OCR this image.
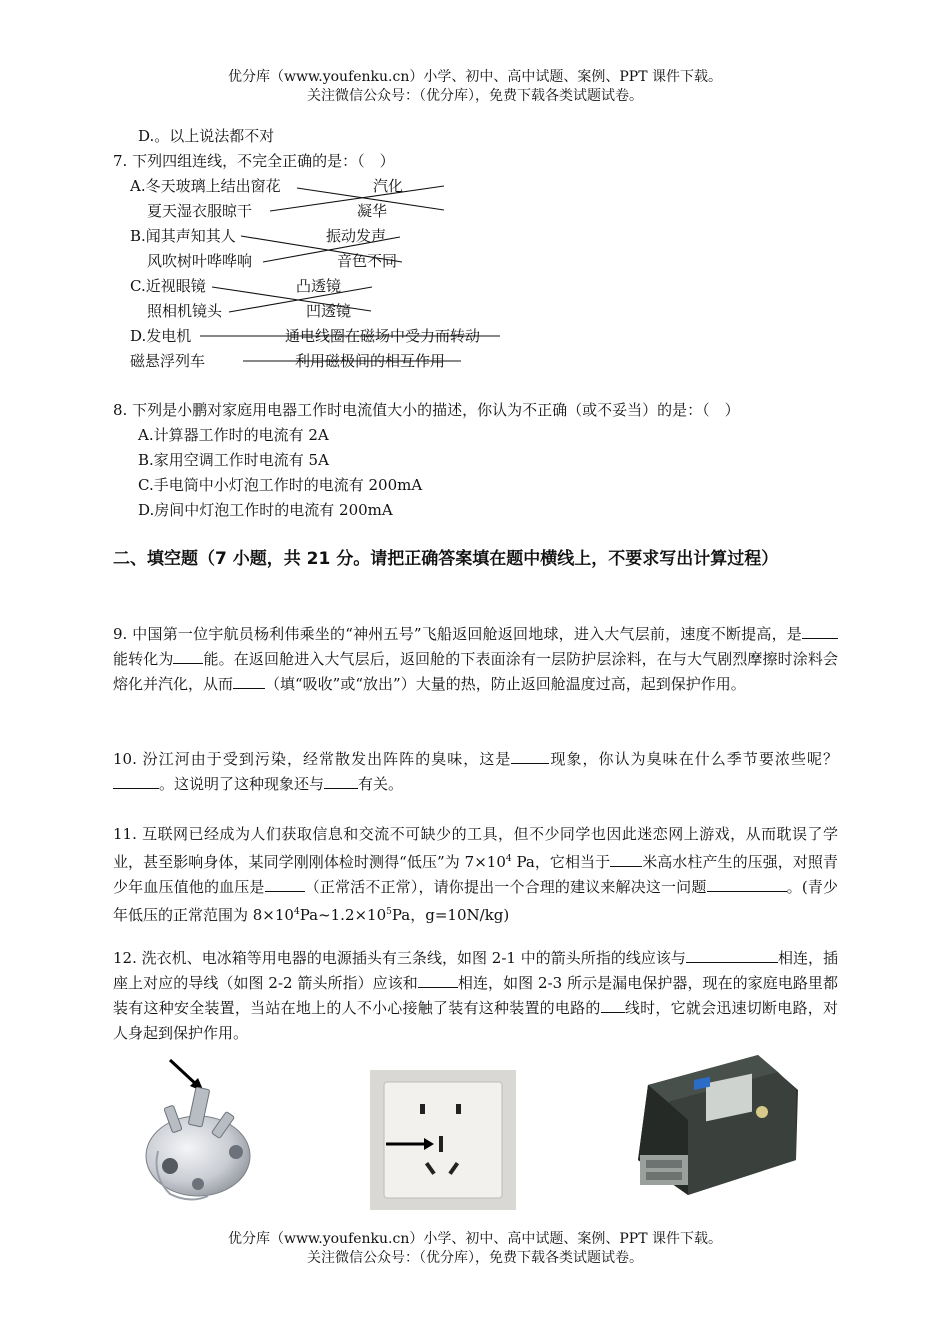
优分库（www.youfenku.cn）小学、初中、高中试题、案例、PPT 课件下载。
关注微信公众号：（优分库），免费下载各类试题试卷。
D.。以上说法都不对
7. 下列四组连线，不完全正确的是：（　）
A.冬天玻璃上结出窗花	汽化
夏天湿衣服晾干	凝华
B.闻其声知其人	振动发声
风吹树叶哗哗响	音色不同
C.近视眼镜	凸透镜
照相机镜头	凹透镜
D.发电机	通电线圈在磁场中受力而转动
磁悬浮列车	利用磁极间的相互作用
8. 下列是小鹏对家庭用电器工作时电流值大小的描述，你认为不正确（或不妥当）的是：（　）
A.计算器工作时的电流有 2A
B.家用空调工作时电流有 5A
C.手电筒中小灯泡工作时的电流有 200mA
D.房间中灯泡工作时的电流有 200mA
二、填空题（7 小题，共 21 分。请把正确答案填在题中横线上，不要求写出计算过程）
9. 中国第一位宇航员杨利伟乘坐的“神州五号”飞船返回舱返回地球，进入大气层前，速度不断提高，是能转化为 能。在返回舱进入大气层后，返回舱的下表面涂有一层防护层涂料，在与大气剧烈摩擦时涂料会熔化并汽化，从而 （填“吸收”或“放出”）大量的热，防止返回舱温度过高，起到保护作用。
10. 汾江河由于受到污染，经常散发出阵阵的臭味，这是	现象，你认为臭味在什么季节要浓些呢？。这说明了这种现象还与 有关。
11. 互联网已经成为人们获取信息和交流不可缺少的工具，但不少同学也因此迷恋网上游戏，从而耽误了学业，甚至影响身体，某同学刚刚体检时测得“低压”为 $7\times 10^4$ Pa，它相当于 米高水柱产生的压强，对照青少年血压值他的血压是	（正常活不正常），请你提出一个合理的建议来解决这一问题	。(青少年低压的正常范围为 $8\times 10^4Pa\sim 1.2\times 10^5Pa$，g=10N/kg)
12. 洗衣机、电冰箱等用电器的电源插头有三条线，如图 2-1 中的箭头所指的线应该与	相连，插座上对应的导线（如图 2-2 箭头所指）应该和	相连，如图 2-3 所示是漏电保护器，现在的家庭电路里都装有这种安全装置，当站在地上的人不小心接触了装有这种装置的电路的 线时，它就会迅速切断电路，对人身起到保护作用。
优分库（www.youfenku.cn）小学、初中、高中试题、案例、PPT 课件下载。
关注微信公众号：（优分库），免费下载各类试题试卷。
